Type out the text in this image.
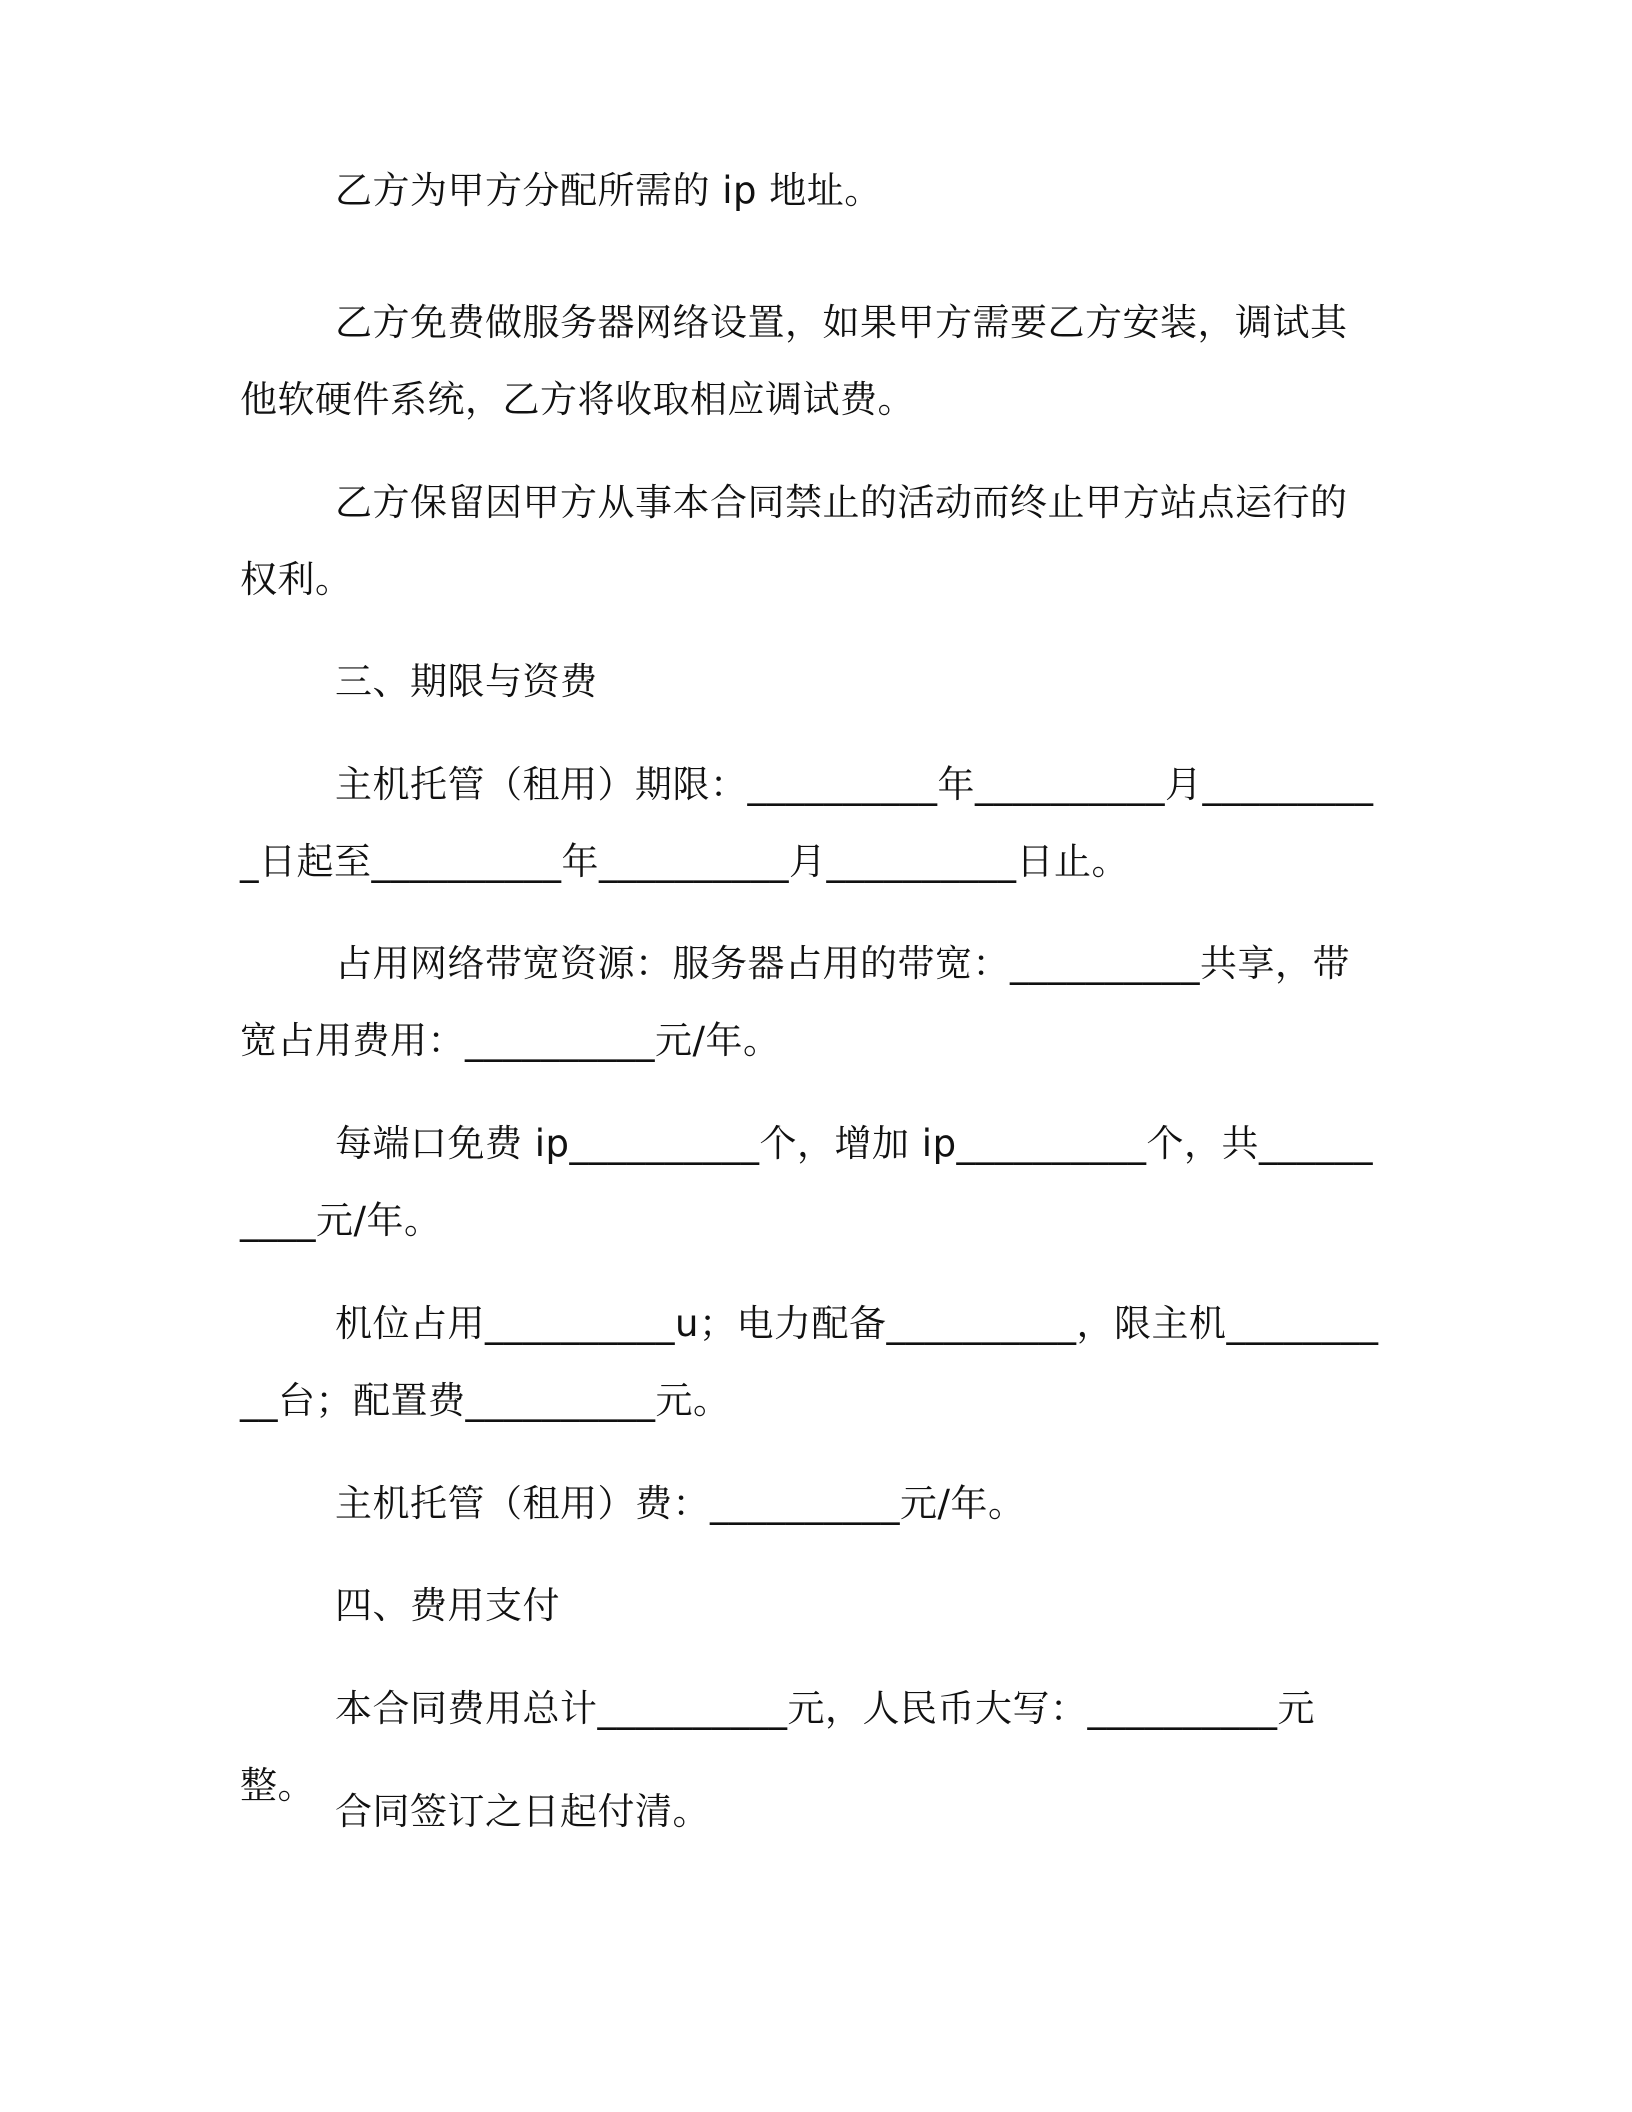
乙方为甲方分配所需的 ip 地址。

乙方免费做服务器网络设置，如果甲方需要乙方安装，调试其他软硬件系统，乙方将收取相应调试费。

乙方保留因甲方从事本合同禁止的活动而终止甲方站点运行的权利。

三、期限与资费

主机托管（租用）期限：__________年__________月__________日起至__________年__________月__________日止。

占用网络带宽资源：服务器占用的带宽：__________共享，带宽占用费用：__________元/年。

每端口免费 ip__________个，增加 ip__________个，共__________元/年。

机位占用__________u；电力配备__________，限主机__________台；配置费__________元。

主机托管（租用）费：__________元/年。

四、费用支付

本合同费用总计__________元，人民币大写：__________元整。

合同签订之日起付清。
